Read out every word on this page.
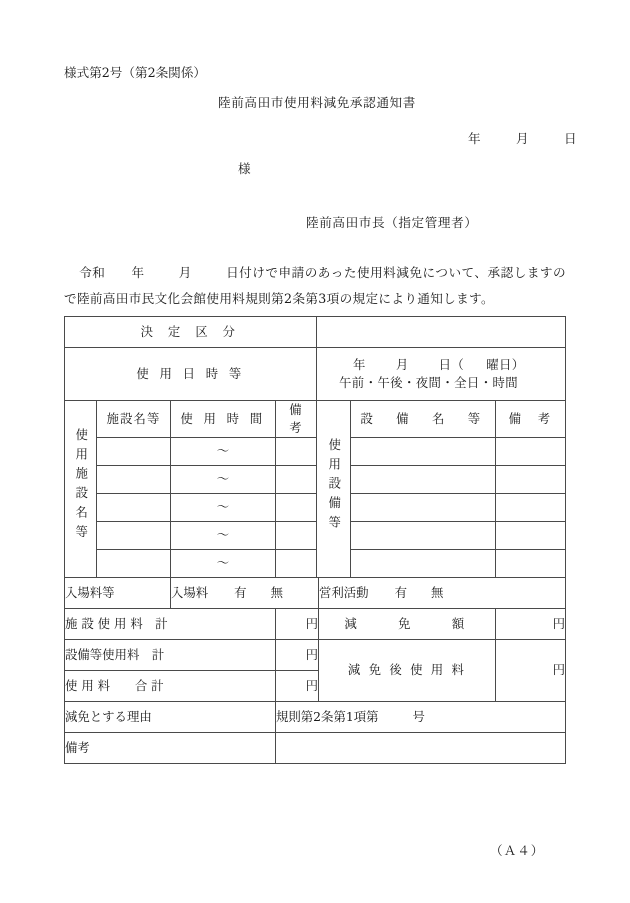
様式第2号（第2条関係）
陸前高田市使用料減免承認通知書
年	月	日
様
陸前高田市長（指定管理者）
令和 年	月	日付けで申請のあった使用料減免について、承認しますので陸前高田市民文化会館使用料規則第2条第3項の規定により通知します。
決 定 区 分							
使 用 日 時 等				年 月 日（ 曜日）
午前・午後・夜間・全日・時間			

使用施設名等	施設名等	使 用 時 間	備　考	使用設備等		設　備　名　等	備　考
		〜					
		〜					
		〜					
		〜					
		〜					
入場料等		入場料 有 無			営利活動 有 無		
施 設 使 用 料　計			円		減　　免　　額		円
設備等使用料　計			円		減 免 後 使 用 料		円
使 用 料　　合 計			円				
減免とする理由			規則第2条第1項第 号				
備考							
（Ａ４）
